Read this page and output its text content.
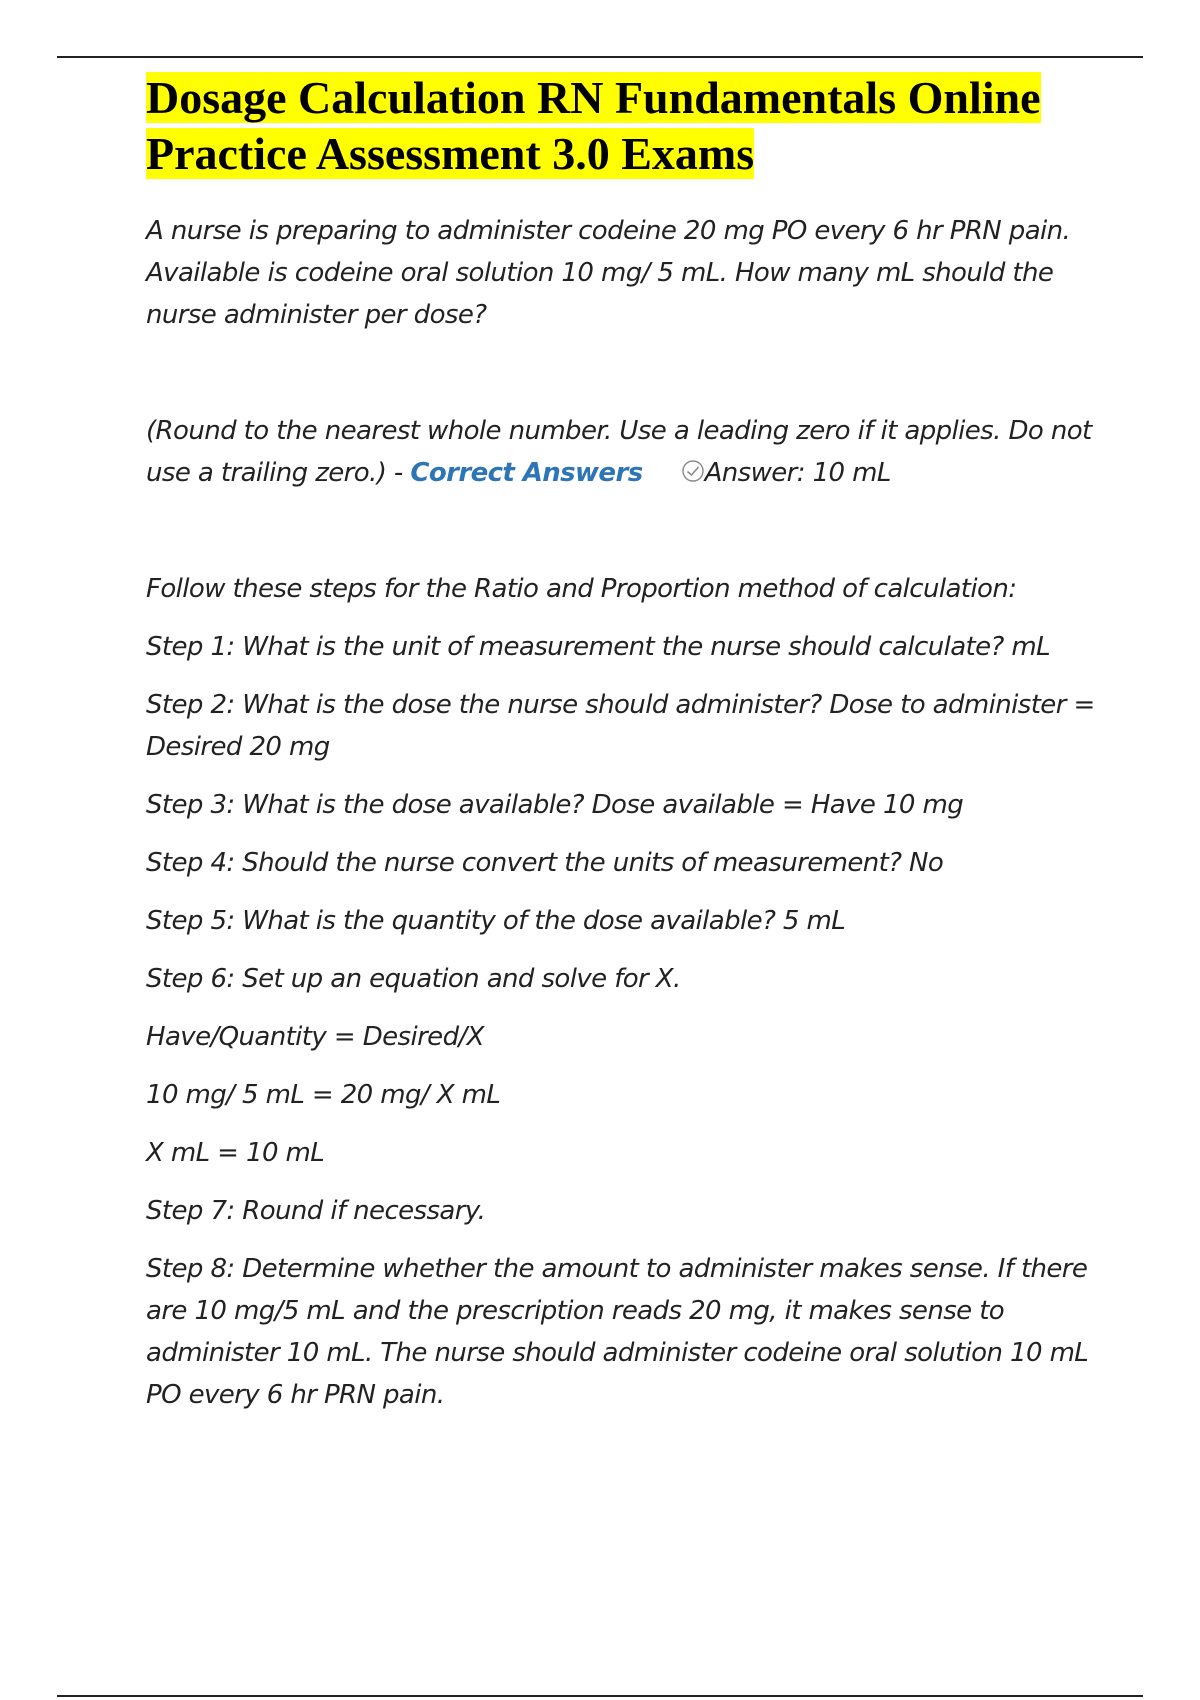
Dosage Calculation RN Fundamentals Online Practice Assessment 3.0 Exams

A nurse is preparing to administer codeine 20 mg PO every 6 hr PRN pain. Available is codeine oral solution 10 mg/ 5 mL. How many mL should the nurse administer per dose?

(Round to the nearest whole number. Use a leading zero if it applies. Do not use a trailing zero.) - Correct Answers Answer: 10 mL

Follow these steps for the Ratio and Proportion method of calculation:

Step 1: What is the unit of measurement the nurse should calculate? mL

Step 2: What is the dose the nurse should administer? Dose to administer = Desired 20 mg

Step 3: What is the dose available? Dose available = Have 10 mg

Step 4: Should the nurse convert the units of measurement? No

Step 5: What is the quantity of the dose available? 5 mL

Step 6: Set up an equation and solve for X.

Have/Quantity = Desired/X

10 mg/ 5 mL = 20 mg/ X mL

X mL = 10 mL

Step 7: Round if necessary.

Step 8: Determine whether the amount to administer makes sense. If there are 10 mg/5 mL and the prescription reads 20 mg, it makes sense to administer 10 mL. The nurse should administer codeine oral solution 10 mL PO every 6 hr PRN pain.
